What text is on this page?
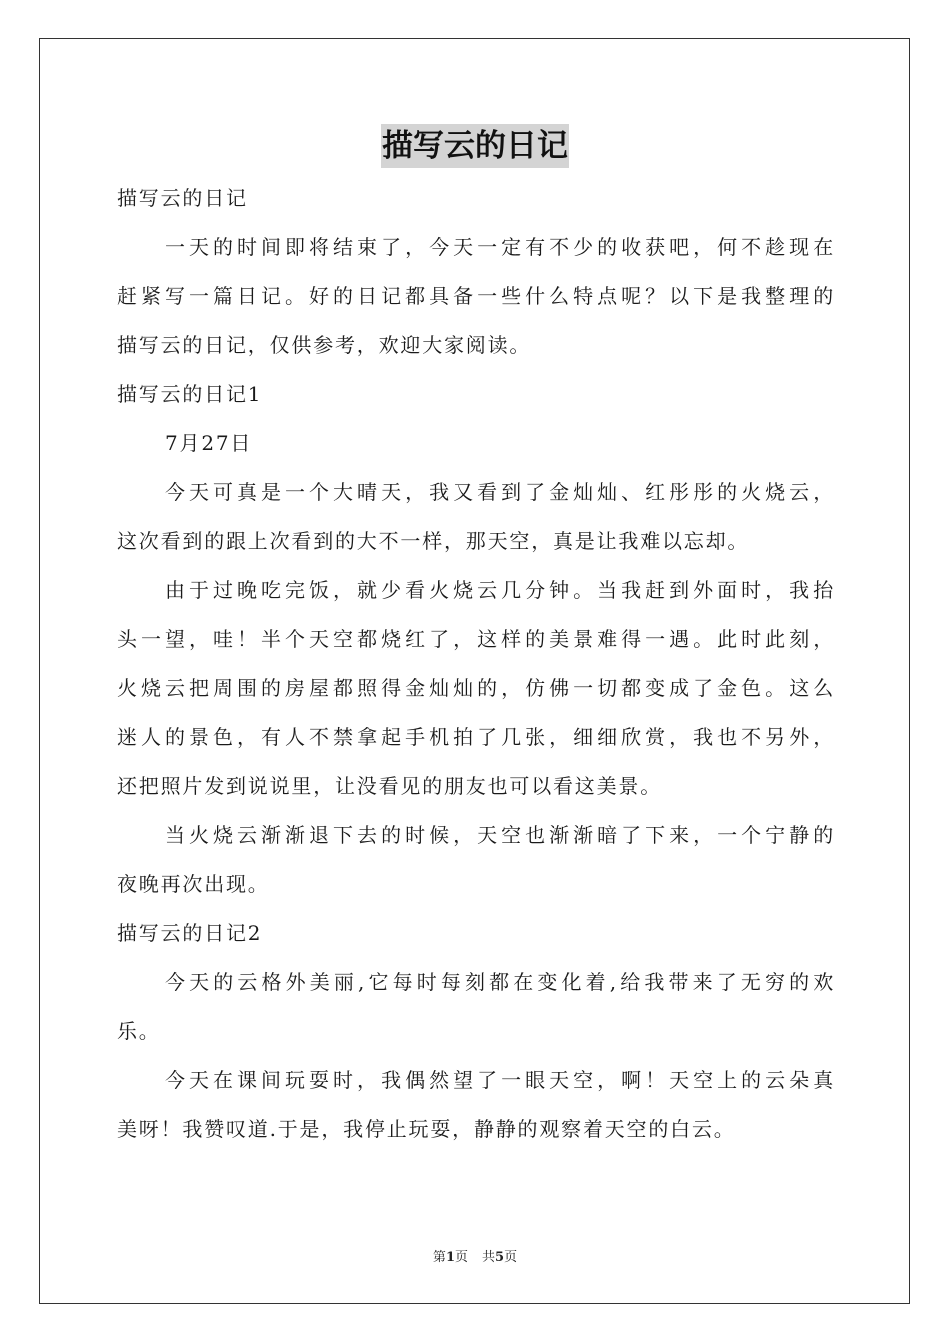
描写云的日记
描写云的日记
一天的时间即将结束了，今天一定有不少的收获吧，何不趁现在
赶紧写一篇日记。好的日记都具备一些什么特点呢？以下是我整理的
描写云的日记，仅供参考，欢迎大家阅读。
描写云的日记1
7月27日
今天可真是一个大晴天，我又看到了金灿灿、红彤彤的火烧云，
这次看到的跟上次看到的大不一样，那天空，真是让我难以忘却。
由于过晚吃完饭，就少看火烧云几分钟。当我赶到外面时，我抬
头一望，哇！半个天空都烧红了，这样的美景难得一遇。此时此刻，
火烧云把周围的房屋都照得金灿灿的，仿佛一切都变成了金色。这么
迷人的景色，有人不禁拿起手机拍了几张，细细欣赏，我也不另外，
还把照片发到说说里，让没看见的朋友也可以看这美景。
当火烧云渐渐退下去的时候，天空也渐渐暗了下来，一个宁静的
夜晚再次出现。
描写云的日记2
今天的云格外美丽,它每时每刻都在变化着,给我带来了无穷的欢
乐。
今天在课间玩耍时，我偶然望了一眼天空，啊！天空上的云朵真
美呀！我赞叹道.于是，我停止玩耍，静静的观察着天空的白云。
第1页 共5页
